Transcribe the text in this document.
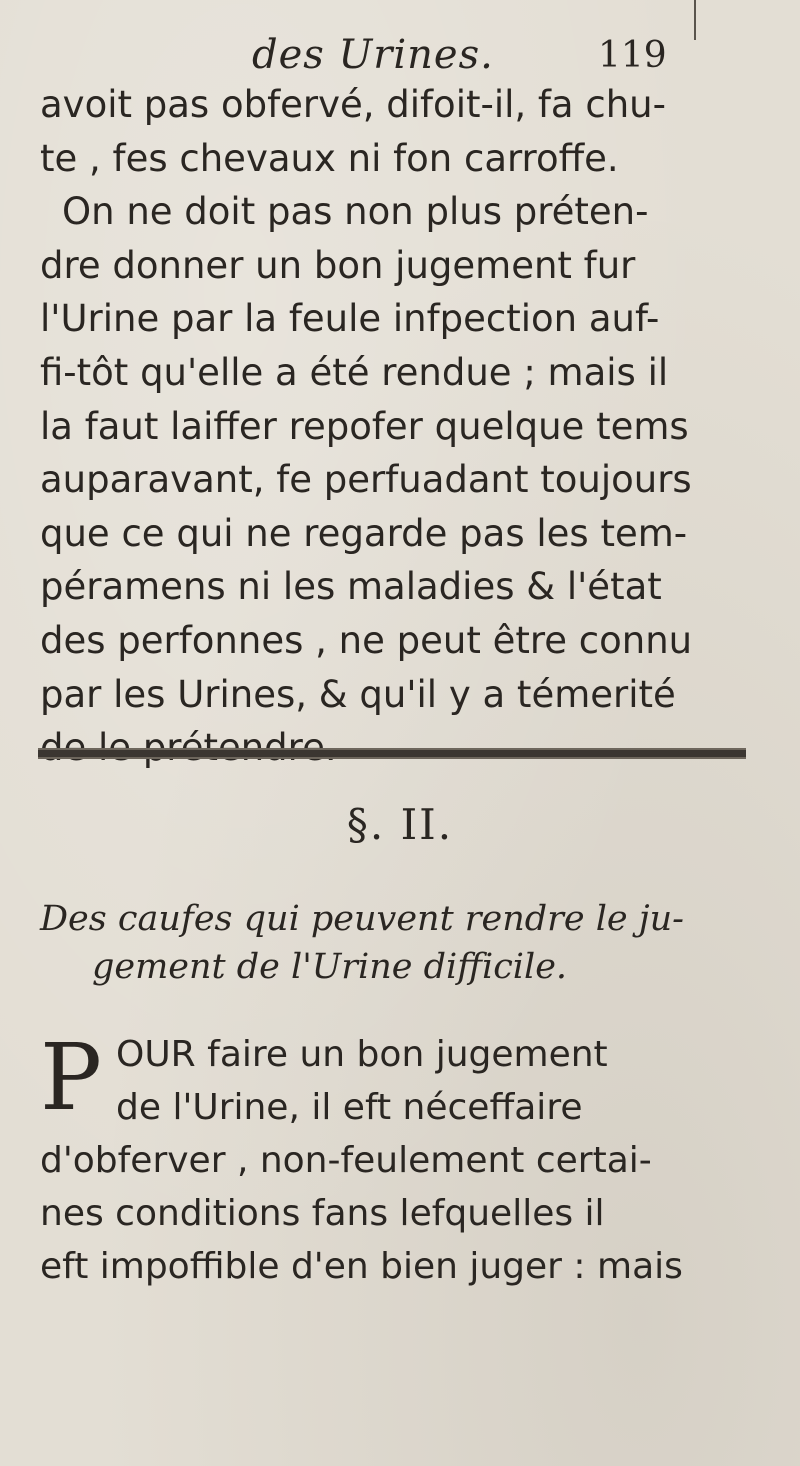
des Urines.	119
avoit pas obfervé, difoit-il, fa chu-
te , fes chevaux ni fon carroffe.
On ne doit pas non plus préten-
dre donner un bon jugement fur
l'Urine par la feule infpection auf-
fi-tôt qu'elle a été rendue ; mais il
la faut laiffer repofer quelque tems
auparavant, fe perfuadant toujours
que ce qui ne regarde pas les tem-
péramens ni les maladies & l'état
des perfonnes , ne peut être connu
par les Urines, & qu'il y a témerité
§. II.
Des caufes qui peuvent rendre le ju-
gement de l'Urine difficile.
P OUR faire un bon jugement
de l'Urine, il eft néceffaire
d'obferver , non-feulement certai-
nes conditions fans lefquelles il
eft impoffible d'en bien juger : mais
